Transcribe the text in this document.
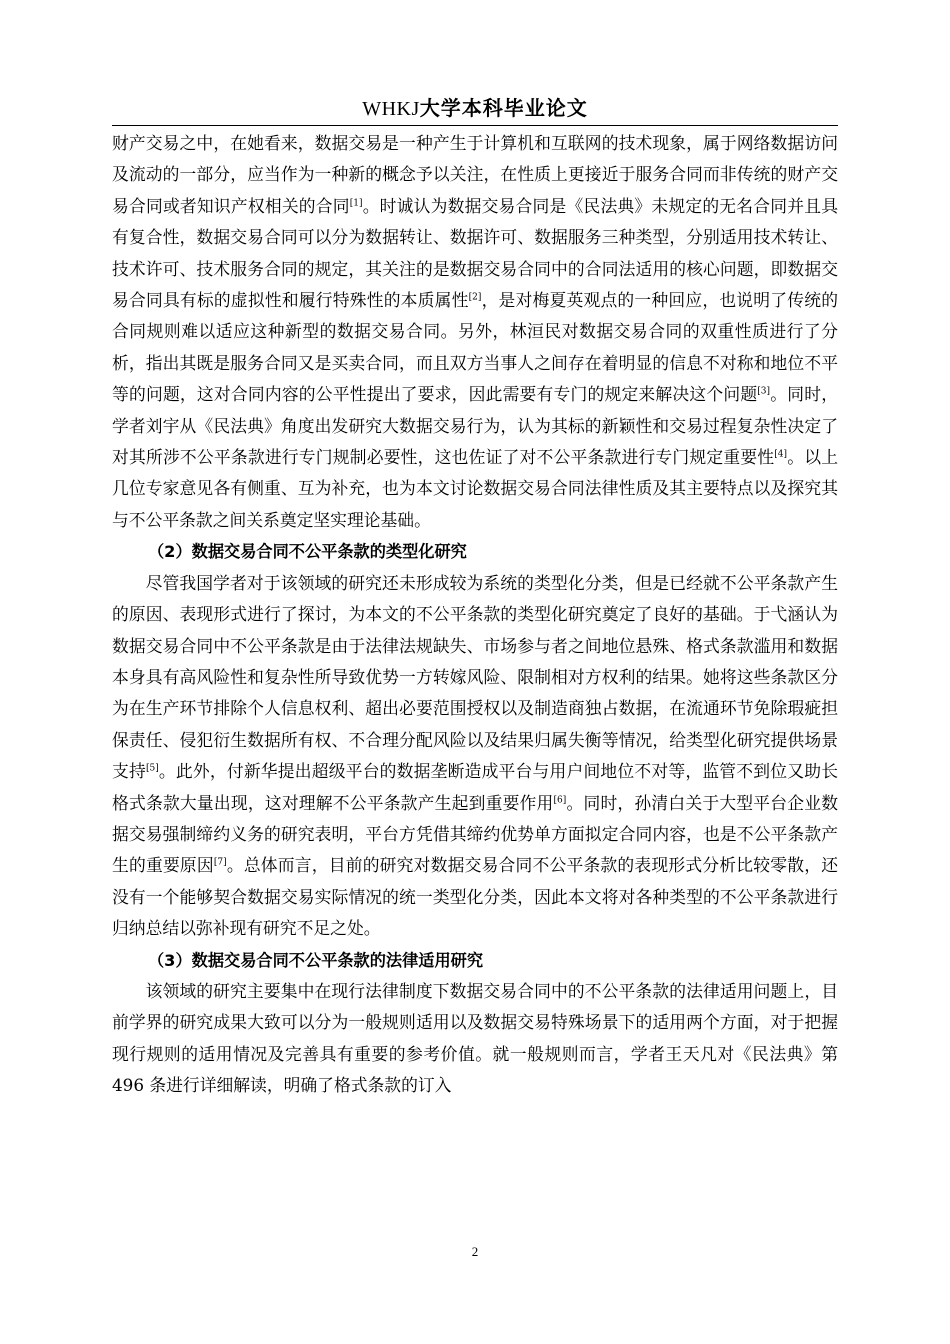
WHKJ大学本科毕业论文

财产交易之中，在她看来，数据交易是一种产生于计算机和互联网的技术现象，属于网络数据访问及流动的一部分，应当作为一种新的概念予以关注，在性质上更接近于服务合同而非传统的财产交易合同或者知识产权相关的合同[1]。时诚认为数据交易合同是《民法典》未规定的无名合同并且具有复合性，数据交易合同可以分为数据转让、数据许可、数据服务三种类型，分别适用技术转让、技术许可、技术服务合同的规定，其关注的是数据交易合同中的合同法适用的核心问题，即数据交易合同具有标的虚拟性和履行特殊性的本质属性[2]，是对梅夏英观点的一种回应，也说明了传统的合同规则难以适应这种新型的数据交易合同。另外，林洹民对数据交易合同的双重性质进行了分析，指出其既是服务合同又是买卖合同，而且双方当事人之间存在着明显的信息不对称和地位不平等的问题，这对合同内容的公平性提出了要求，因此需要有专门的规定来解决这个问题[3]。同时，学者刘宇从《民法典》角度出发研究大数据交易行为，认为其标的新颖性和交易过程复杂性决定了对其所涉不公平条款进行专门规制必要性，这也佐证了对不公平条款进行专门规定重要性[4]。以上几位专家意见各有侧重、互为补充，也为本文讨论数据交易合同法律性质及其主要特点以及探究其与不公平条款之间关系奠定坚实理论基础。

（2）数据交易合同不公平条款的类型化研究

尽管我国学者对于该领域的研究还未形成较为系统的类型化分类，但是已经就不公平条款产生的原因、表现形式进行了探讨，为本文的不公平条款的类型化研究奠定了良好的基础。于弋涵认为数据交易合同中不公平条款是由于法律法规缺失、市场参与者之间地位悬殊、格式条款滥用和数据本身具有高风险性和复杂性所导致优势一方转嫁风险、限制相对方权利的结果。她将这些条款区分为在生产环节排除个人信息权利、超出必要范围授权以及制造商独占数据，在流通环节免除瑕疵担保责任、侵犯衍生数据所有权、不合理分配风险以及结果归属失衡等情况，给类型化研究提供场景支持[5]。此外，付新华提出超级平台的数据垄断造成平台与用户间地位不对等，监管不到位又助长格式条款大量出现，这对理解不公平条款产生起到重要作用[6]。同时，孙清白关于大型平台企业数据交易强制缔约义务的研究表明，平台方凭借其缔约优势单方面拟定合同内容，也是不公平条款产生的重要原因[7]。总体而言，目前的研究对数据交易合同不公平条款的表现形式分析比较零散，还没有一个能够契合数据交易实际情况的统一类型化分类，因此本文将对各种类型的不公平条款进行归纳总结以弥补现有研究不足之处。

（3）数据交易合同不公平条款的法律适用研究

该领域的研究主要集中在现行法律制度下数据交易合同中的不公平条款的法律适用问题上，目前学界的研究成果大致可以分为一般规则适用以及数据交易特殊场景下的适用两个方面，对于把握现行规则的适用情况及完善具有重要的参考价值。就一般规则而言，学者王天凡对《民法典》第 496 条进行详细解读，明确了格式条款的订入

2
